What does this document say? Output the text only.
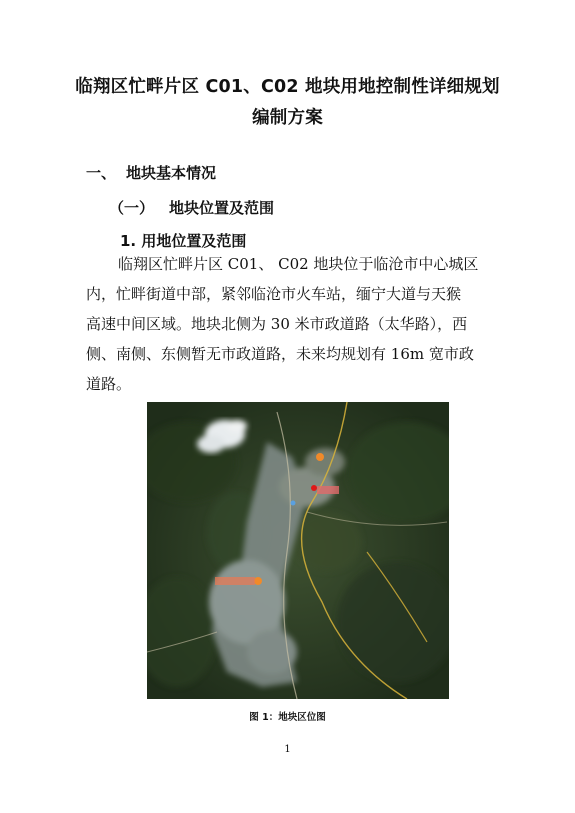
临翔区忙畔片区 C01、C02 地块用地控制性详细规划
编制方案
一、 地块基本情况
（一） 地块位置及范围
1. 用地位置及范围
临翔区忙畔片区 C01、 C02 地块位于临沧市中心城区
内，忙畔街道中部，紧邻临沧市火车站，缅宁大道与天猴
高速中间区域。地块北侧为 30 米市政道路（太华路），西
侧、南侧、东侧暂无市政道路，未来均规划有 16m 宽市政
道路。
图 1：地块区位图
1
